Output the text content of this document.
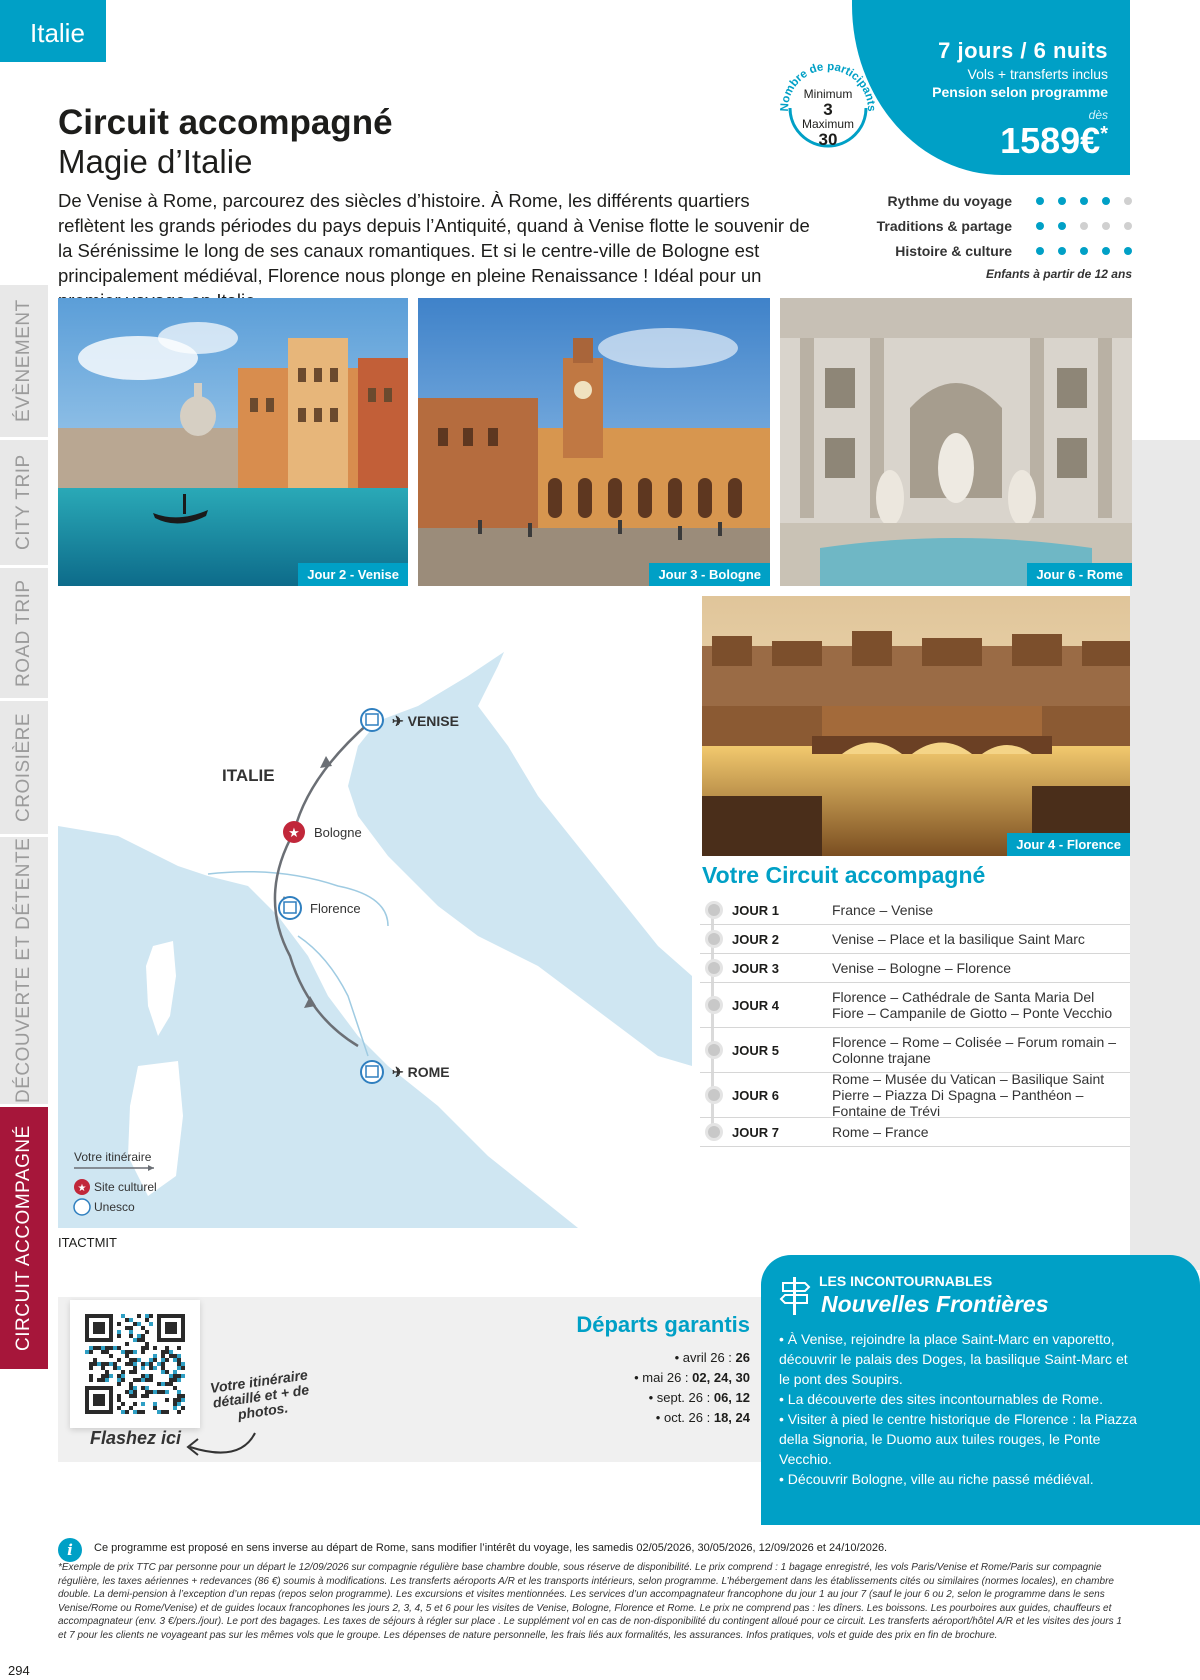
Italie
7 jours / 6 nuits
Vols + transferts inclus
Pension selon programme
dès
1589€*
Nombre de participants
Minimum
3
Maximum
30
Circuit accompagné
Magie d’Italie
De Venise à Rome, parcourez des siècles d’histoire. À Rome, les différents quartiers reflètent les grands périodes du pays depuis l’Antiquité, quand à Venise flotte le souvenir de la Sérénissime le long de ses canaux romantiques. Et si le centre-ville de Bologne est principalement médiéval, Florence nous plonge en pleine Renaissance ! Idéal pour un
Rythme du voyage
Traditions & partage
Histoire & culture
Enfants à partir de 12 ans
ÉVÈNEMENT
CITY TRIP
ROAD TRIP
CROISIÈRE
DÉCOUVERTE ET DÉTENTE
CIRCUIT ACCOMPAGNÉ
Jour 2 - Venise	Jour 3 - Bologne	Jour 6 - Rome
Jour 4 - Florence
★
ITALIE
✈ VENISE
Bologne
Florence
✈ ROME
Votre itinéraire
★ Site culturel
Unesco
ITACTMIT
Votre Circuit accompagné
JOUR 1	France – Venise
JOUR 2	Venise – Place et la basilique Saint Marc
JOUR 3	Venise – Bologne – Florence
JOUR 4	Florence – Cathédrale de Santa Maria Del Fiore – Campanile de Giotto – Ponte Vecchio
JOUR 5	Florence – Rome – Colisée – Forum romain – Colonne trajane
JOUR 6
Rome – Musée du Vatican – Basilique Saint Pierre – Piazza Di Spagna – Panthéon – Fontaine de Trévi
JOUR 7	Rome – France
Flashez ici
Votre itinéraire détaillé et + de photos.
Départs garantis
• avril 26 : 26
• mai 26 : 02, 24, 30
• sept. 26 : 06, 12
• oct. 26 : 18, 24
LES INCONTOURNABLES
Nouvelles Frontières
• À Venise, rejoindre la place Saint-Marc en vaporetto, découvrir le palais des Doges, la basilique Saint-Marc et le pont des Soupirs.
• La découverte des sites incontournables de Rome.
• Visiter à pied le centre historique de Florence : la Piazza della Signoria, le Duomo aux tuiles rouges, le Ponte Vecchio.
• Découvrir Bologne, ville au riche passé médiéval.
i	Ce programme est proposé en sens inverse au départ de Rome, sans modifier l’intérêt du voyage, les samedis 02/05/2026, 30/05/2026, 12/09/2026 et 24/10/2026.
*Exemple de prix TTC par personne pour un départ le 12/09/2026 sur compagnie régulière base chambre double, sous réserve de disponibilité. Le prix comprend : 1 bagage enregistré, les vols Paris/Venise et Rome/Paris sur compagnie régulière, les taxes aériennes + redevances (86 €) soumis à modifications. Les transferts aéroports A/R et les transports intérieurs, selon programme. L’hébergement dans les établissements cités ou similaires (normes locales), en chambre double. La demi-pension à l’exception d’un repas (repos selon programme). Les excursions et visites mentionnées. Les services d’un accompagnateur francophone du jour 1 au jour 7 (sauf le jour 6 ou 2, selon le programme dans le sens Venise/Rome ou Rome/Venise) et de guides locaux francophones les jours 2, 3, 4, 5 et 6 pour les visites de Venise, Bologne, Florence et Rome. Le prix ne comprend pas : les dîners. Les boissons. Les pourboires aux guides, chauffeurs et accompagnateur (env. 3 €/pers./jour). Le port des bagages. Les taxes de séjours à régler sur place . Le supplément vol en cas de non-disponibilité du contingent alloué pour ce circuit. Les transferts aéroport/hôtel A/R et les visites des jours 1 et 7 pour les clients ne voyageant pas sur les mêmes vols que le groupe. Les dépenses de nature personnelle, les frais liés aux formalités, les assurances. Infos pratiques, vols et guide des prix en fin de brochure.
294
